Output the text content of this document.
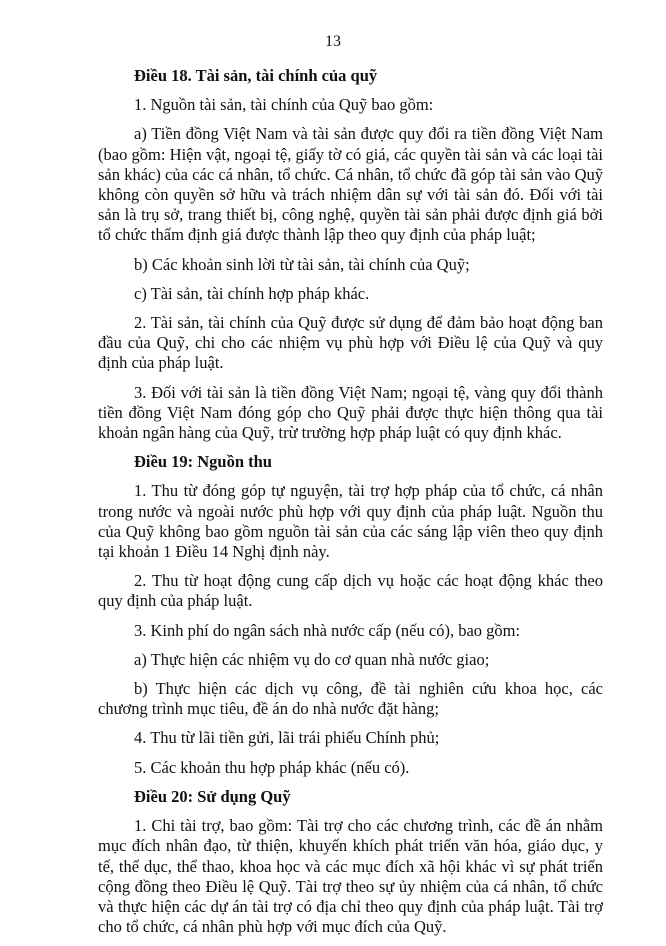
13

Điều 18. Tài sản, tài chính của quỹ

1. Nguồn tài sản, tài chính của Quỹ bao gồm:

a) Tiền đồng Việt Nam và tài sản được quy đổi ra tiền đồng Việt Nam (bao gồm: Hiện vật, ngoại tệ, giấy tờ có giá, các quyền tài sản và các loại tài sản khác) của các cá nhân, tổ chức. Cá nhân, tổ chức đã góp tài sản vào Quỹ không còn quyền sở hữu và trách nhiệm dân sự với tài sản đó. Đối với tài sản là trụ sở, trang thiết bị, công nghệ, quyền tài sản phải được định giá bởi tổ chức thẩm định giá được thành lập theo quy định của pháp luật;

b) Các khoản sinh lời từ tài sản, tài chính của Quỹ;

c) Tài sản, tài chính hợp pháp khác.

2. Tài sản, tài chính của Quỹ được sử dụng để đảm bảo hoạt động ban đầu của Quỹ, chi cho các nhiệm vụ phù hợp với Điều lệ của Quỹ và quy định của pháp luật.

3. Đối với tài sản là tiền đồng Việt Nam; ngoại tệ, vàng quy đổi thành tiền đồng Việt Nam đóng góp cho Quỹ phải được thực hiện thông qua tài khoản ngân hàng của Quỹ, trừ trường hợp pháp luật có quy định khác.

Điều 19: Nguồn thu

1. Thu từ đóng góp tự nguyện, tài trợ hợp pháp của tổ chức, cá nhân trong nước và ngoài nước phù hợp với quy định của pháp luật. Nguồn thu của Quỹ không bao gồm nguồn tài sản của các sáng lập viên theo quy định tại khoản 1 Điều 14 Nghị định này.

2. Thu từ hoạt động cung cấp dịch vụ hoặc các hoạt động khác theo quy định của pháp luật.

3. Kinh phí do ngân sách nhà nước cấp (nếu có), bao gồm:

a) Thực hiện các nhiệm vụ do cơ quan nhà nước giao;

b) Thực hiện các dịch vụ công, đề tài nghiên cứu khoa học, các chương trình mục tiêu, đề án do nhà nước đặt hàng;

4. Thu từ lãi tiền gửi, lãi trái phiếu Chính phủ;

5. Các khoản thu hợp pháp khác (nếu có).

Điều 20: Sử dụng Quỹ

1. Chi tài trợ, bao gồm: Tài trợ cho các chương trình, các đề án nhằm mục đích nhân đạo, từ thiện, khuyến khích phát triển văn hóa, giáo dục, y tế, thể dục, thể thao, khoa học và các mục đích xã hội khác vì sự phát triển cộng đồng theo Điều lệ Quỹ. Tài trợ theo sự ủy nhiệm của cá nhân, tổ chức và thực hiện các dự án tài trợ có địa chỉ theo quy định của pháp luật. Tài trợ cho tổ chức, cá nhân phù hợp với mục đích của Quỹ.
